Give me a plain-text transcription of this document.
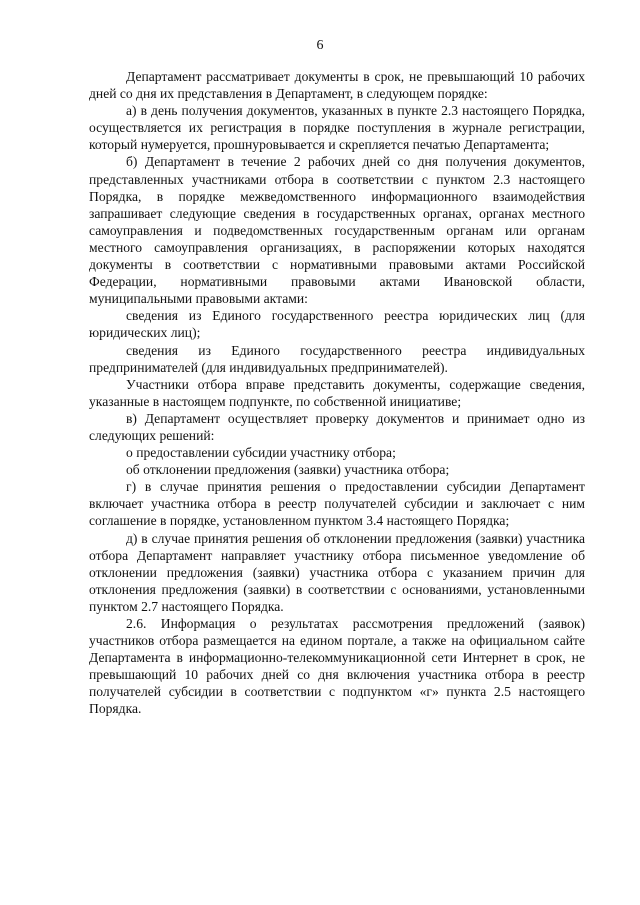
6

Департамент рассматривает документы в срок, не превышающий 10 рабочих дней со дня их представления в Департамент, в следующем порядке:

а) в день получения документов, указанных в пункте 2.3 настоящего Порядка, осуществляется их регистрация в порядке поступления в журнале регистрации, который нумеруется, прошнуровывается и скрепляется печатью Департамента;

б) Департамент в течение 2 рабочих дней со дня получения документов, представленных участниками отбора в соответствии с пунктом 2.3 настоящего Порядка, в порядке межведомственного информационного взаимодействия запрашивает следующие сведения в государственных органах, органах местного самоуправления и подведомственных государственным органам или органам местного самоуправления организациях, в распоряжении которых находятся документы в соответствии с нормативными правовыми актами Российской Федерации, нормативными правовыми актами Ивановской области, муниципальными правовыми актами:

сведения из Единого государственного реестра юридических лиц (для юридических лиц);

сведения из Единого государственного реестра индивидуальных предпринимателей (для индивидуальных предпринимателей).

Участники отбора вправе представить документы, содержащие сведения, указанные в настоящем подпункте, по собственной инициативе;

в) Департамент осуществляет проверку документов и принимает одно из следующих решений:

о предоставлении субсидии участнику отбора;

об отклонении предложения (заявки) участника отбора;

г) в случае принятия решения о предоставлении субсидии Департамент включает участника отбора в реестр получателей субсидии и заключает с ним соглашение в порядке, установленном пунктом 3.4 настоящего Порядка;

д) в случае принятия решения об отклонении предложения (заявки) участника отбора Департамент направляет участнику отбора письменное уведомление об отклонении предложения (заявки) участника отбора с указанием причин для отклонения предложения (заявки) в соответствии с основаниями, установленными пунктом 2.7 настоящего Порядка.

2.6. Информация о результатах рассмотрения предложений (заявок) участников отбора размещается на едином портале, а также на официальном сайте Департамента в информационно-телекоммуникационной сети Интернет в срок, не превышающий 10 рабочих дней со дня включения участника отбора в реестр получателей субсидии в соответствии с подпунктом «г» пункта 2.5 настоящего Порядка.
